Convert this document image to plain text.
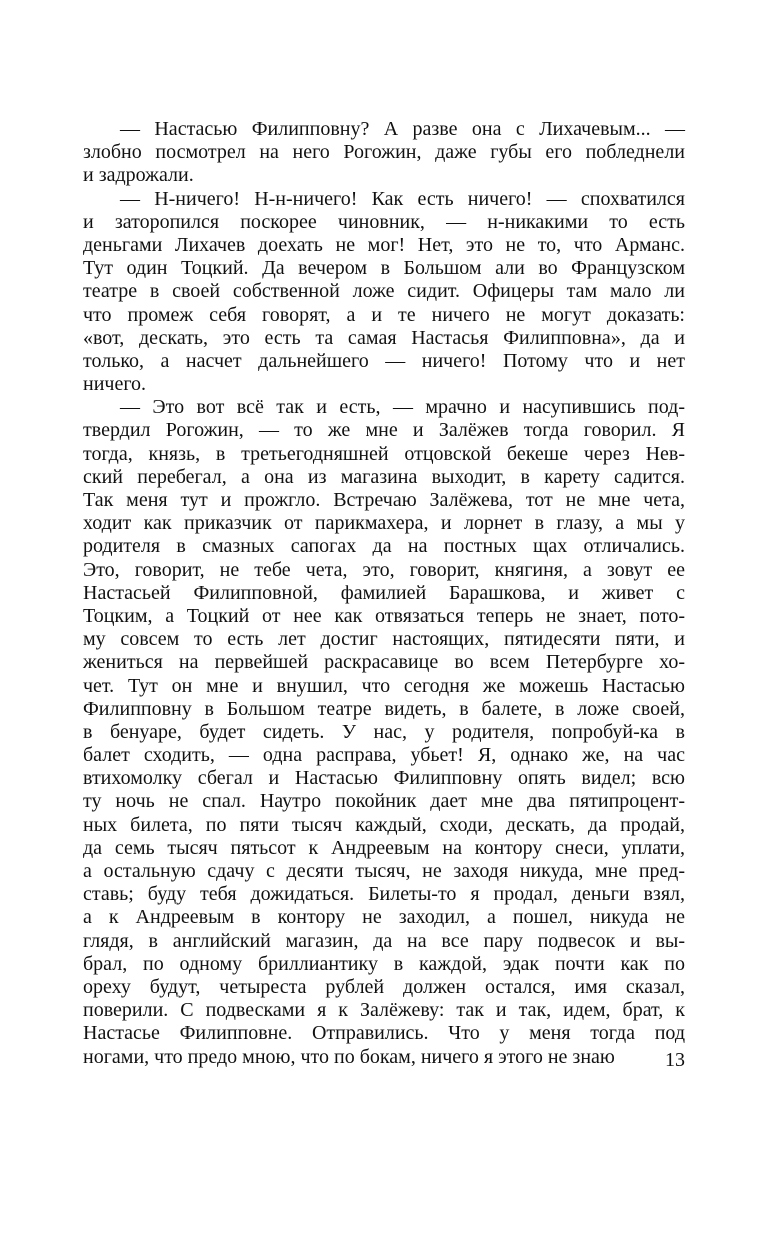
— Настасью Филипповну? А разве она с Лихачевым... —
злобно посмотрел на него Рогожин, даже губы его побледнели
и задрожали.
— Н-ничего! Н-н-ничего! Как есть ничего! — спохватился
и заторопился поскорее чиновник, — н-никакими то есть
деньгами Лихачев доехать не мог! Нет, это не то, что Арманс.
Тут один Тоцкий. Да вечером в Большом али во Французском
театре в своей собственной ложе сидит. Офицеры там мало ли
что промеж себя говорят, а и те ничего не могут доказать:
«вот, дескать, это есть та самая Настасья Филипповна», да и
только, а насчет дальнейшего — ничего! Потому что и нет
ничего.
— Это вот всё так и есть, — мрачно и насупившись под-
твердил Рогожин, — то же мне и Залёжев тогда говорил. Я
тогда, князь, в третьегодняшней отцовской бекеше через Нев-
ский перебегал, а она из магазина выходит, в карету садится.
Так меня тут и прожгло. Встречаю Залёжева, тот не мне чета,
ходит как приказчик от парикмахера, и лорнет в глазу, а мы у
родителя в смазных сапогах да на постных щах отличались.
Это, говорит, не тебе чета, это, говорит, княгиня, а зовут ее
Настасьей Филипповной, фамилией Барашкова, и живет с
Тоцким, а Тоцкий от нее как отвязаться теперь не знает, пото-
му совсем то есть лет достиг настоящих, пятидесяти пяти, и
жениться на первейшей раскрасавице во всем Петербурге хо-
чет. Тут он мне и внушил, что сегодня же можешь Настасью
Филипповну в Большом театре видеть, в балете, в ложе своей,
в бенуаре, будет сидеть. У нас, у родителя, попробуй-ка в
балет сходить, — одна расправа, убьет! Я, однако же, на час
втихомолку сбегал и Настасью Филипповну опять видел; всю
ту ночь не спал. Наутро покойник дает мне два пятипроцент-
ных билета, по пяти тысяч каждый, сходи, дескать, да продай,
да семь тысяч пятьсот к Андреевым на контору снеси, уплати,
а остальную сдачу с десяти тысяч, не заходя никуда, мне пред-
ставь; буду тебя дожидаться. Билеты-то я продал, деньги взял,
а к Андреевым в контору не заходил, а пошел, никуда не
глядя, в английский магазин, да на все пару подвесок и вы-
брал, по одному бриллиантику в каждой, эдак почти как по
ореху будут, четыреста рублей должен остался, имя сказал,
поверили. С подвесками я к Залёжеву: так и так, идем, брат, к
Настасье Филипповне. Отправились. Что у меня тогда под
ногами, что предо мною, что по бокам, ничего я этого не знаю	13
